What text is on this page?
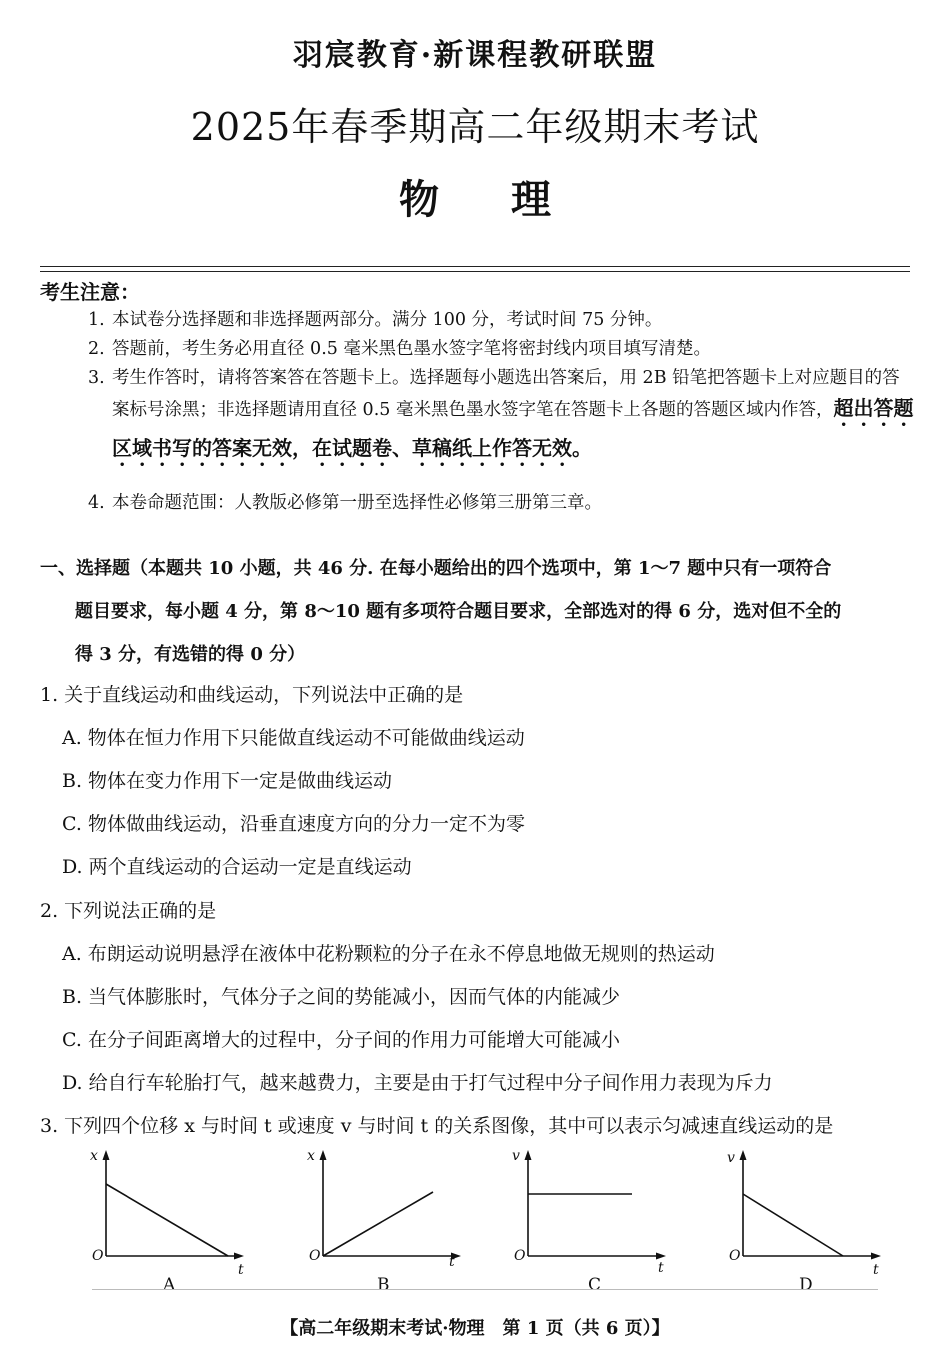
羽宸教育·新课程教研联盟
2025年春季期高二年级期末考试
物理
考生注意：
1. 本试卷分选择题和非选择题两部分。满分 100 分，考试时间 75 分钟。
2. 答题前，考生务必用直径 0.5 毫米黑色墨水签字笔将密封线内项目填写清楚。
3. 考生作答时，请将答案答在答题卡上。选择题每小题选出答案后，用 2B 铅笔把答题卡上对应题目的答案标号涂黑；非选择题请用直径 0.5 毫米黑色墨水签字笔在答题卡上各题的答题区域内作答，超出答题区域书写的答案无效，在试题卷、草稿纸上作答无效。
4. 本卷命题范围：人教版必修第一册至选择性必修第三册第三章。
一、选择题（本题共 10 小题，共 46 分. 在每小题给出的四个选项中，第 1～7 题中只有一项符合
题目要求，每小题 4 分，第 8～10 题有多项符合题目要求，全部选对的得 6 分，选对但不全的
得 3 分，有选错的得 0 分）
1. 关于直线运动和曲线运动，下列说法中正确的是
A. 物体在恒力作用下只能做直线运动不可能做曲线运动
B. 物体在变力作用下一定是做曲线运动
C. 物体做曲线运动，沿垂直速度方向的分力一定不为零
D. 两个直线运动的合运动一定是直线运动
2. 下列说法正确的是
A. 布朗运动说明悬浮在液体中花粉颗粒的分子在永不停息地做无规则的热运动
B. 当气体膨胀时，气体分子之间的势能减小，因而气体的内能减少
C. 在分子间距离增大的过程中，分子间的作用力可能增大可能减小
D. 给自行车轮胎打气，越来越费力，主要是由于打气过程中分子间作用力表现为斥力
3. 下列四个位移 x 与时间 t 或速度 v 与时间 t 的关系图像，其中可以表示匀减速直线运动的是
x
O
t
A
x
O	t
B
v
O
t
C
v
O
t
D
【高二年级期末考试·物理　第 1 页（共 6 页）】
